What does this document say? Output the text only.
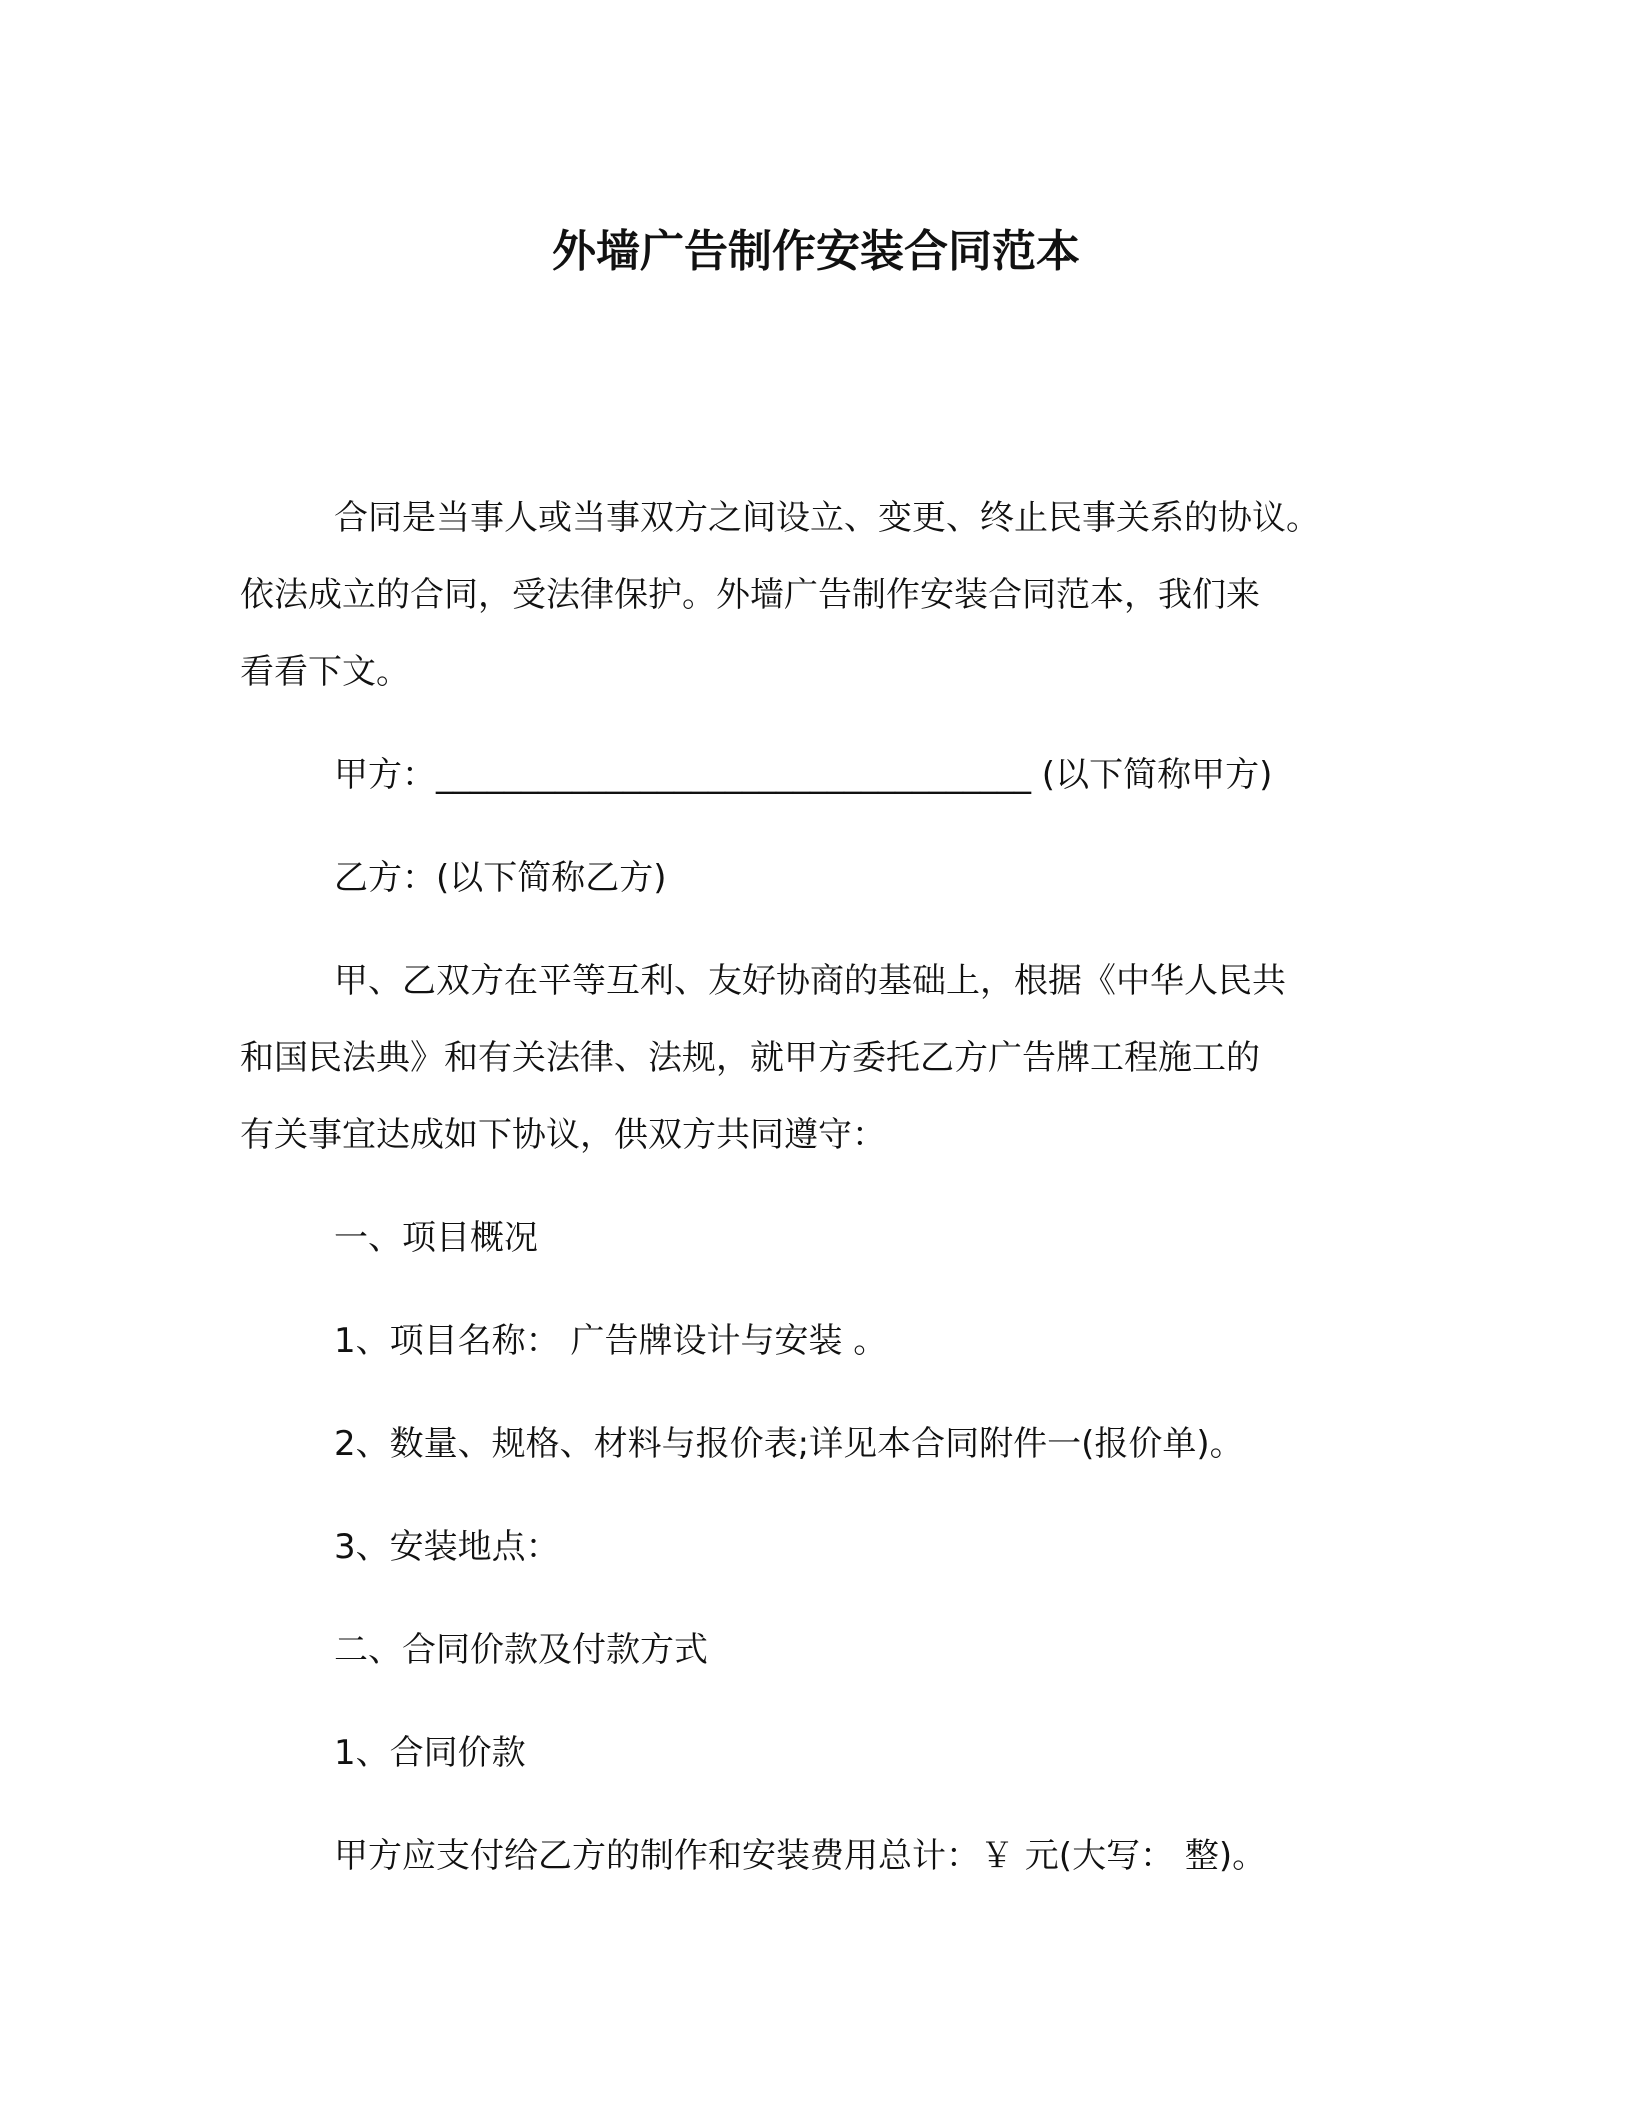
外墙广告制作安装合同范本

合同是当事人或当事双方之间设立、变更、终止民事关系的协议。

依法成立的合同，受法律保护。外墙广告制作安装合同范本，我们来

看看下文。

甲方：___________________________________ (以下简称甲方)

乙方：(以下简称乙方)

甲、乙双方在平等互利、友好协商的基础上，根据《中华人民共

和国民法典》和有关法律、法规，就甲方委托乙方广告牌工程施工的

有关事宜达成如下协议，供双方共同遵守：

一、项目概况

1、项目名称： 广告牌设计与安装 。

2、数量、规格、材料与报价表;详见本合同附件一(报价单)。

3、安装地点：

二、合同价款及付款方式

1、合同价款

甲方应支付给乙方的制作和安装费用总计：￥ 元(大写： 整)。
